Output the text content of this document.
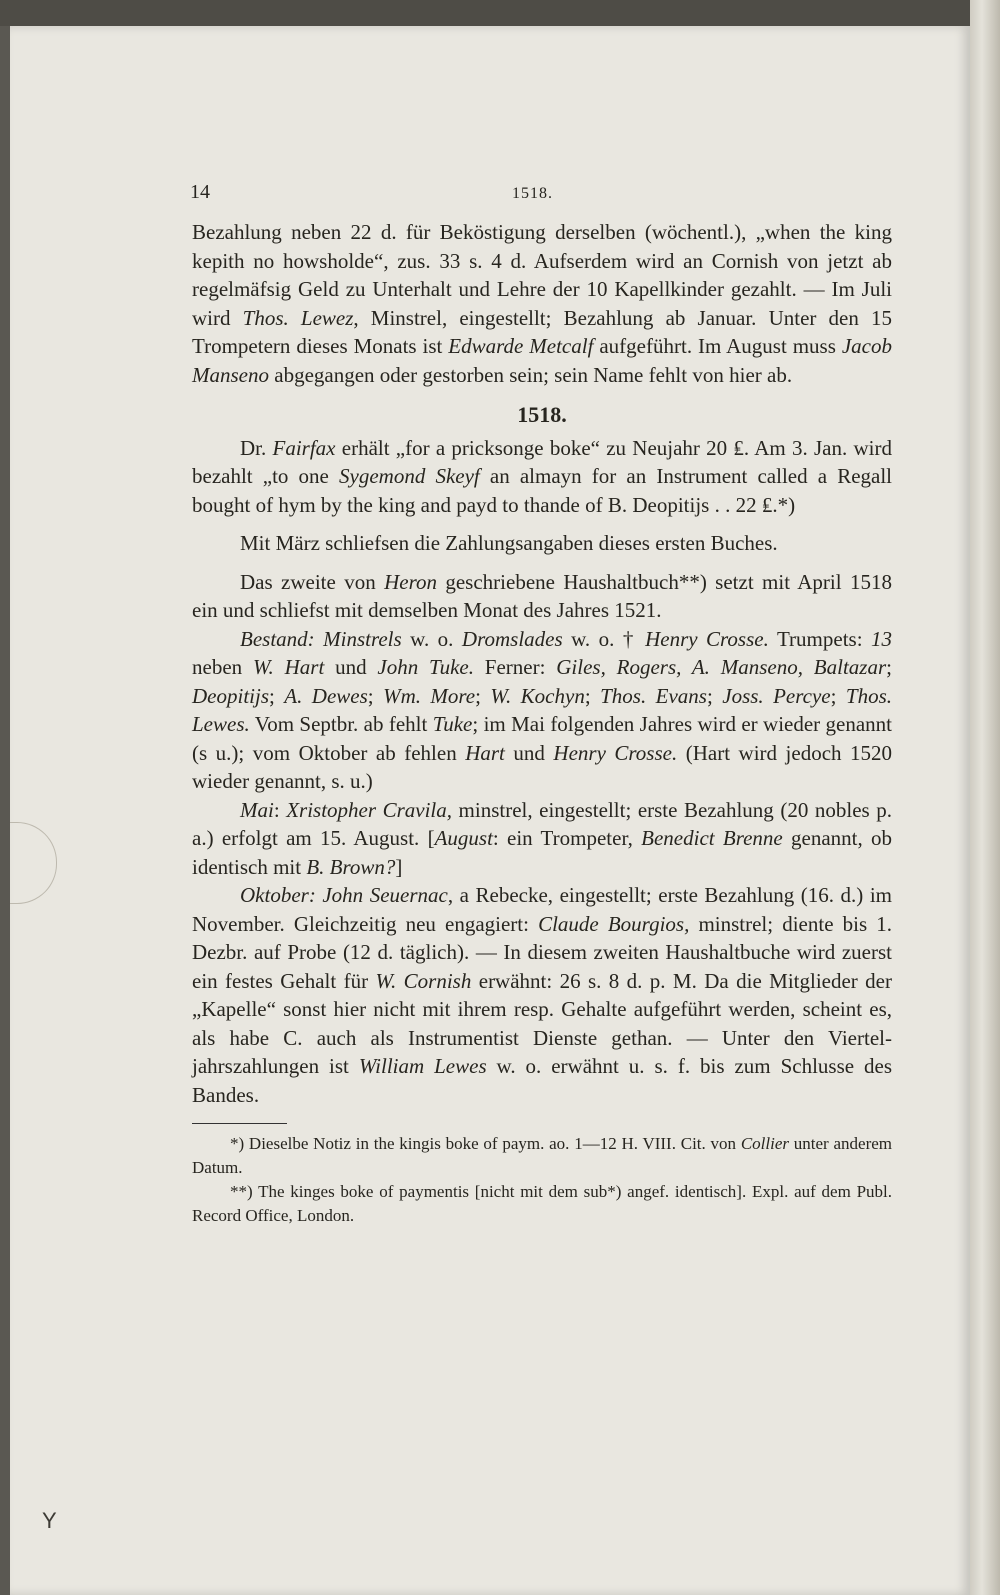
14	1518.

Bezahlung neben 22 d. für Beköstigung derselben (wöchentl.), „when the king kepith no howsholde“, zus. 33 s. 4 d. Aufserdem wird an Cornish von jetzt ab regelmäfsig Geld zu Unterhalt und Lehre der 10 Kapellkinder gezahlt. — Im Juli wird Thos. Lewez, Minstrel, eingestellt; Bezahlung ab Januar. Unter den 15 Trompetern dieses Monats ist Edwarde Metcalf aufgeführt. Im August muss Jacob Manseno abgegangen oder gestorben sein; sein Name fehlt von hier ab.

1518.

Dr. Fairfax erhält „for a pricksonge boke“ zu Neujahr 20 ₤. Am 3. Jan. wird bezahlt „to one Sygemond Skeyf an almayn for an Instrument called a Regall bought of hym by the king and payd to thande of B. Deopitijs . . 22 ₤.*)

Mit März schliefsen die Zahlungsangaben dieses ersten Buches.

Das zweite von Heron geschriebene Haushaltbuch**) setzt mit April 1518 ein und schliefst mit demselben Monat des Jahres 1521.

Bestand: Minstrels w. o. Dromslades w. o. † Henry Crosse. Trumpets: 13 neben W. Hart und John Tuke. Ferner: Giles, Rogers, A. Manseno, Baltazar; Deopitijs; A. Dewes; Wm. More; W. Kochyn; Thos. Evans; Joss. Percye; Thos. Lewes. Vom Septbr. ab fehlt Tuke; im Mai folgenden Jahres wird er wieder genannt (s u.); vom Oktober ab fehlen Hart und Henry Crosse. (Hart wird jedoch 1520 wieder genannt, s. u.)

Mai: Xristopher Cravila, minstrel, eingestellt; erste Bezahlung (20 nobles p. a.) erfolgt am 15. August. [August: ein Trompeter, Benedict Brenne genannt, ob identisch mit B. Brown?]

Oktober: John Seuernac, a Rebecke, eingestellt; erste Bezahlung (16. d.) im November. Gleichzeitig neu engagiert: Claude Bourgios, minstrel; diente bis 1. Dezbr. auf Probe (12 d. täglich). — In diesem zweiten Haushaltbuche wird zuerst ein festes Gehalt für W. Cornish erwähnt: 26 s. 8 d. p. M. Da die Mitglieder der „Kapelle“ sonst hier nicht mit ihrem resp. Gehalte aufgeführt werden, scheint es, als habe C. auch als Instrumentist Dienste gethan. — Unter den Vierteljahrszahlungen ist William Lewes w. o. erwähnt u. s. f. bis zum Schlusse des Bandes.

*) Dieselbe Notiz in the kingis boke of paym. ao. 1—12 H. VIII. Cit. von Collier unter anderem Datum.

**) The kinges boke of paymentis [nicht mit dem sub*) angef. identisch]. Expl. auf dem Publ. Record Office, London.

Y
